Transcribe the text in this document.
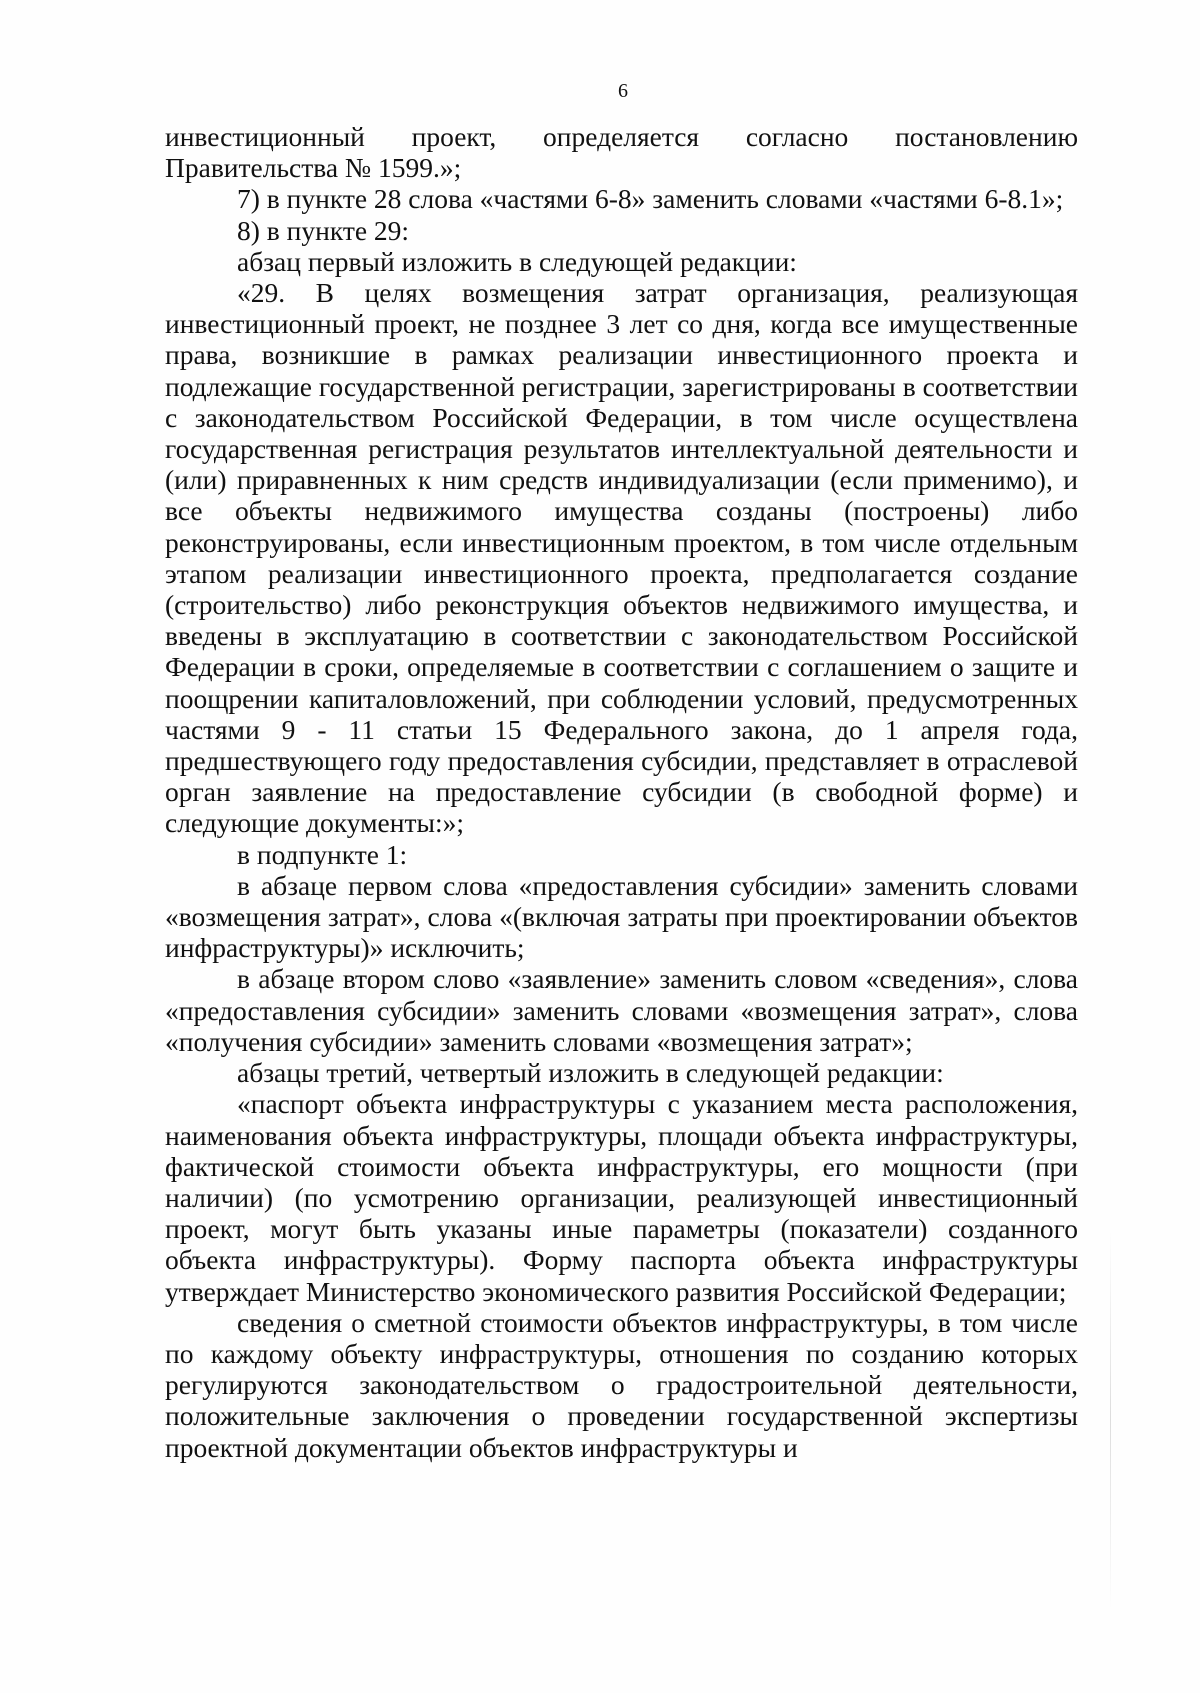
6

инвестиционный проект, определяется согласно постановлению Правительства № 1599.»;

7) в пункте 28 слова «частями 6-8» заменить словами «частями 6-8.1»;

8) в пункте 29:

абзац первый изложить в следующей редакции:

«29. В целях возмещения затрат организация, реализующая инвестиционный проект, не позднее 3 лет со дня, когда все имущественные права, возникшие в рамках реализации инвестиционного проекта и подлежащие государственной регистрации, зарегистрированы в соответствии с законодательством Российской Федерации, в том числе осуществлена государственная регистрация результатов интеллектуальной деятельности и (или) приравненных к ним средств индивидуализации (если применимо), и все объекты недвижимого имущества созданы (построены) либо реконструированы, если инвестиционным проектом, в том числе отдельным этапом реализации инвестиционного проекта, предполагается создание (строительство) либо реконструкция объектов недвижимого имущества, и введены в эксплуатацию в соответствии с законодательством Российской Федерации в сроки, определяемые в соответствии с соглашением о защите и поощрении капиталовложений, при соблюдении условий, предусмотренных частями 9 - 11 статьи 15 Федерального закона, до 1 апреля года, предшествующего году предоставления субсидии, представляет в отраслевой орган заявление на предоставление субсидии (в свободной форме) и следующие документы:»;

в подпункте 1:

в абзаце первом слова «предоставления субсидии» заменить словами «возмещения затрат», слова «(включая затраты при проектировании объектов инфраструктуры)» исключить;

в абзаце втором слово «заявление» заменить словом «сведения», слова «предоставления субсидии» заменить словами «возмещения затрат», слова «получения субсидии» заменить словами «возмещения затрат»;

абзацы третий, четвертый изложить в следующей редакции:

«паспорт объекта инфраструктуры с указанием места расположения, наименования объекта инфраструктуры, площади объекта инфраструктуры, фактической стоимости объекта инфраструктуры, его мощности (при наличии) (по усмотрению организации, реализующей инвестиционный проект, могут быть указаны иные параметры (показатели) созданного объекта инфраструктуры). Форму паспорта объекта инфраструктуры утверждает Министерство экономического развития Российской Федерации;

сведения о сметной стоимости объектов инфраструктуры, в том числе по каждому объекту инфраструктуры, отношения по созданию которых регулируются законодательством о градостроительной деятельности, положительные заключения о проведении государственной экспертизы проектной документации объектов инфраструктуры и
